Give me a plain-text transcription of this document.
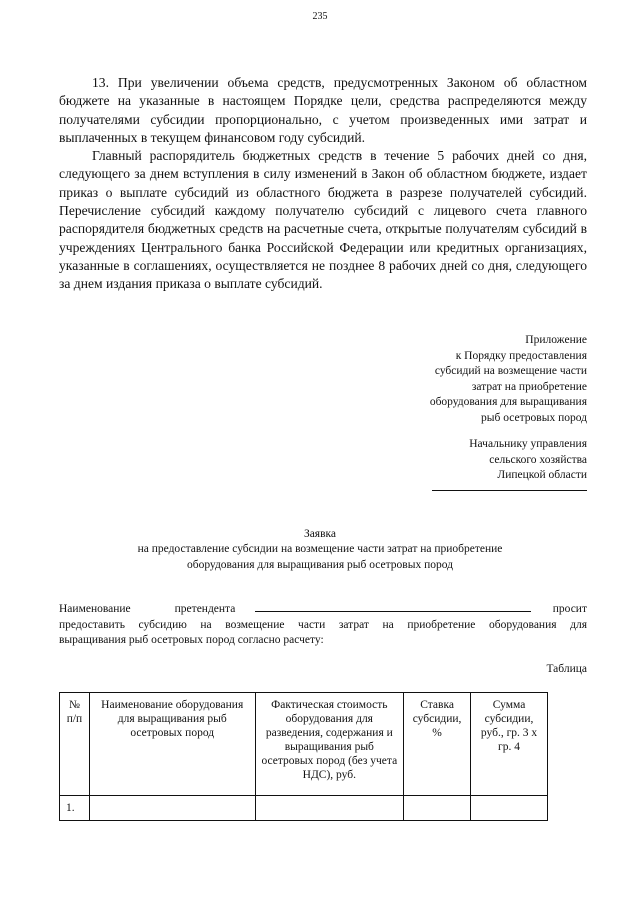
235

13. При увеличении объема средств, предусмотренных Законом об областном бюджете на указанные в настоящем Порядке цели, средства распределяются между получателями субсидии пропорционально, с учетом произведенных ими затрат и выплаченных в текущем финансовом году субсидий.

Главный распорядитель бюджетных средств в течение 5 рабочих дней со дня, следующего за днем вступления в силу изменений в Закон об областном бюджете, издает приказ о выплате субсидий из областного бюджета в разрезе получателей субсидий. Перечисление субсидий каждому получателю субсидий с лицевого счета главного распорядителя бюджетных средств на расчетные счета, открытые получателям субсидий в учреждениях Центрального банка Российской Федерации или кредитных организациях, указанные в соглашениях, осуществляется не позднее 8 рабочих дней со дня, следующего за днем издания приказа о выплате субсидий.

Приложение
к Порядку предоставления
субсидий на возмещение части
затрат на приобретение
оборудования для выращивания
рыб осетровых пород
Начальнику управления
сельского хозяйства
Липецкой области
Заявка
на предоставление субсидии на возмещение части затрат на приобретение
оборудования для выращивания рыб осетровых пород
Наименование	претендента	просит
предоставить субсидию на возмещение части затрат на приобретение оборудования для
выращивания рыб осетровых пород согласно расчету:
Таблица
№ п/п	Наименование оборудования для выращивания рыб осетровых пород	Фактическая стоимость оборудования для разведения, содержания и выращивания рыб осетровых пород (без учета НДС), руб.	Ставка субсидии, %	Сумма субсидии, руб., гр. 3 х гр. 4
1.				
